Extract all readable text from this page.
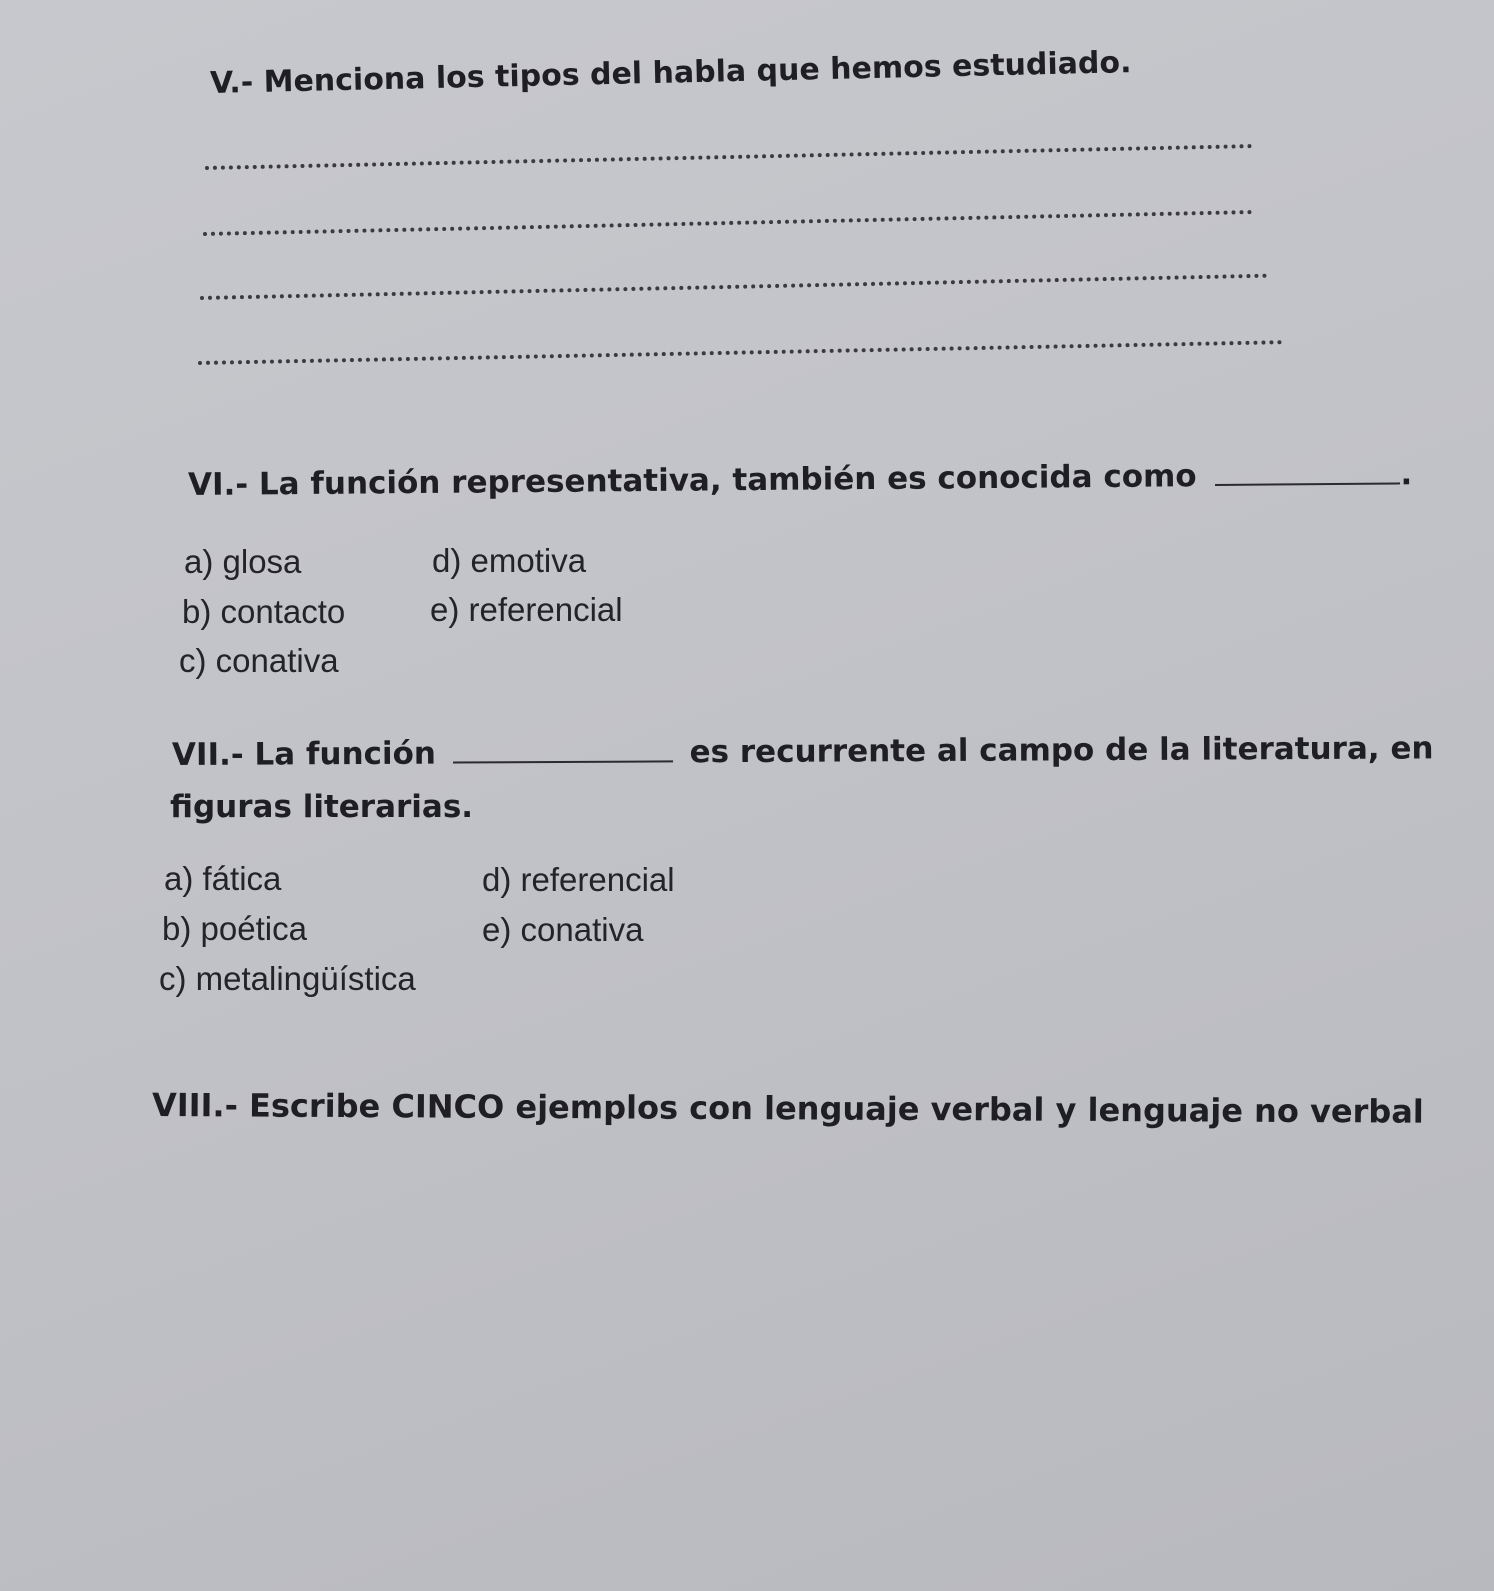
V.- Menciona los tipos del habla que hemos estudiado.
VI.- La función representativa, también es conocida como	.
a) glosa
b) contacto
c) conativa
d) emotiva
e) referencial
VII.- La función	es recurrente al campo de la literatura, en
figuras literarias.
a) fática
b) poética
c) metalingüística
d) referencial
e) conativa
VIII.- Escribe CINCO ejemplos con lenguaje verbal y lenguaje no verbal
